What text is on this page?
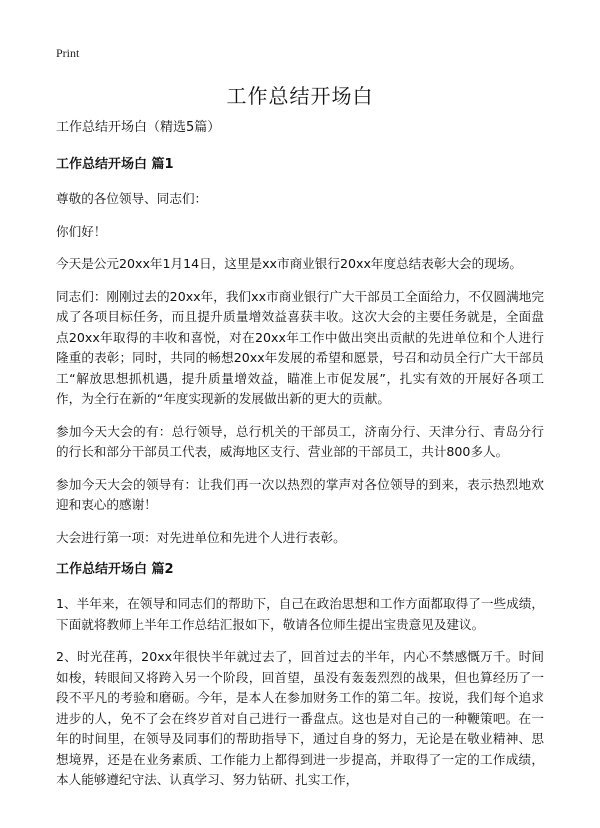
Print
工作总结开场白

工作总结开场白（精选5篇）

工作总结开场白 篇1

尊敬的各位领导、同志们：

你们好！

今天是公元20xx年1月14日，这里是xx市商业银行20xx年度总结表彰大会的现场。

同志们：刚刚过去的20xx年，我们xx市商业银行广大干部员工全面给力，不仅圆满地完成了各项目标任务，而且提升质量增效益喜获丰收。这次大会的主要任务就是，全面盘点20xx年取得的丰收和喜悦，对在20xx年工作中做出突出贡献的先进单位和个人进行隆重的表彰；同时，共同的畅想20xx年发展的希望和愿景，号召和动员全行广大干部员工“解放思想抓机遇，提升质量增效益，瞄准上市促发展”，扎实有效的开展好各项工作，为全行在新的“年度实现新的发展做出新的更大的贡献。

参加今天大会的有：总行领导，总行机关的干部员工，济南分行、天津分行、青岛分行的行长和部分干部员工代表，威海地区支行、营业部的干部员工，共计800多人。

参加今天大会的领导有：让我们再一次以热烈的掌声对各位领导的到来，表示热烈地欢迎和衷心的感谢！

大会进行第一项：对先进单位和先进个人进行表彰。

工作总结开场白 篇2

1、半年来，在领导和同志们的帮助下，自己在政治思想和工作方面都取得了一些成绩，下面就将教师上半年工作总结汇报如下，敬请各位师生提出宝贵意见及建议。

2、时光荏苒，20xx年很快半年就过去了，回首过去的半年，内心不禁感慨万千。时间如梭，转眼间又将跨入另一个阶段，回首望，虽没有轰轰烈烈的战果，但也算经历了一段不平凡的考验和磨砺。今年，是本人在参加财务工作的第二年。按说，我们每个追求进步的人，免不了会在终岁首对自己进行一番盘点。这也是对自己的一种鞭策吧。在一年的时间里，在领导及同事们的帮助指导下，通过自身的努力，无论是在敬业精神、思想境界，还是在业务素质、工作能力上都得到进一步提高，并取得了一定的工作成绩，本人能够遵纪守法、认真学习、努力钻研、扎实工作，
